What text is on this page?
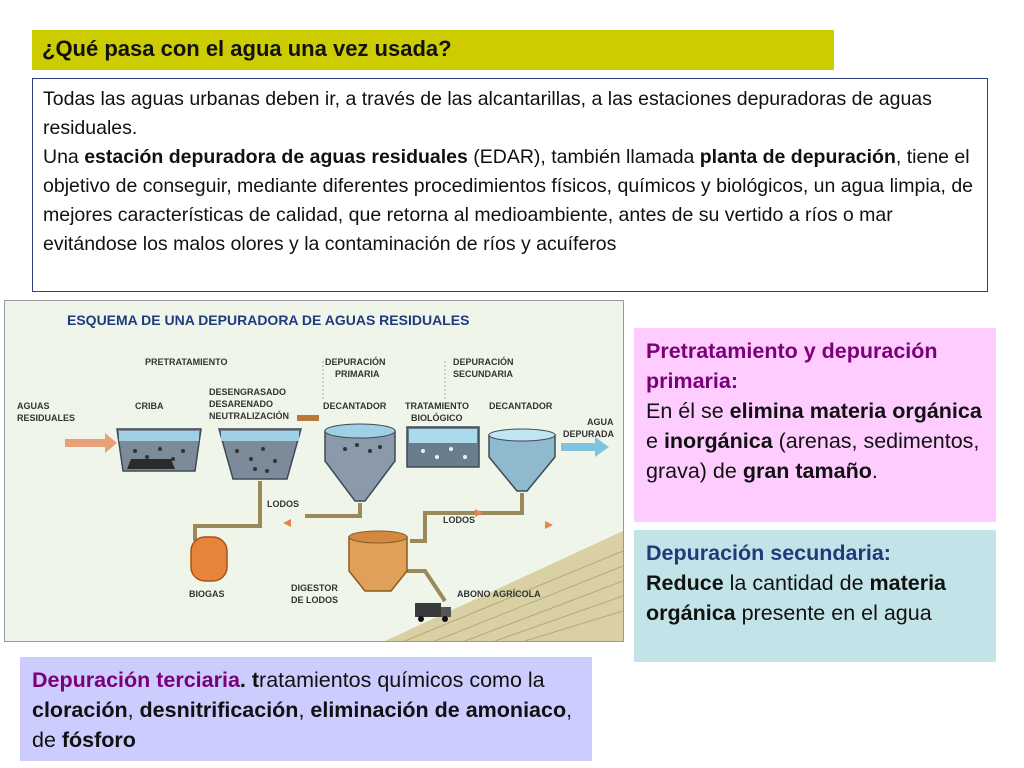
¿Qué pasa con el agua una vez usada?

Todas las aguas urbanas deben ir, a través de las alcantarillas, a las estaciones depuradoras de aguas residuales.

Una estación depuradora de aguas residuales (EDAR), también llamada planta de depuración, tiene el objetivo de conseguir, mediante diferentes procedimientos físicos, químicos y biológicos, un agua limpia, de mejores características de calidad, que retorna al medioambiente, antes de su vertido a ríos o mar evitándose los malos olores y la contaminación de ríos y acuíferos

ESQUEMA DE UNA DEPURADORA DE AGUAS RESIDUALES
PRETRATAMIENTO	DEPURACIÓN
PRIMARIA
DEPURACIÓN
SECUNDARIA
AGUAS
RESIDUALES
CRIBA
DESENGRASADO
DESARENADO
NEUTRALIZACIÓN
DECANTADOR TRATAMIENTO
BIOLÓGICO
DECANTADOR
AGUA
DEPURADA
LODOS
LODOS
BIOGAS
DIGESTOR
DE LODOS
ABONO AGRÍCOLA
Pretratamiento y depuración primaria:
En él se elimina materia orgánica e inorgánica (arenas, sedimentos, grava) de gran tamaño.
Depuración secundaria:
Reduce la cantidad de materia orgánica presente en el agua
Depuración terciaria. tratamientos químicos como la cloración, desnitrificación, eliminación de amoniaco, de fósforo
